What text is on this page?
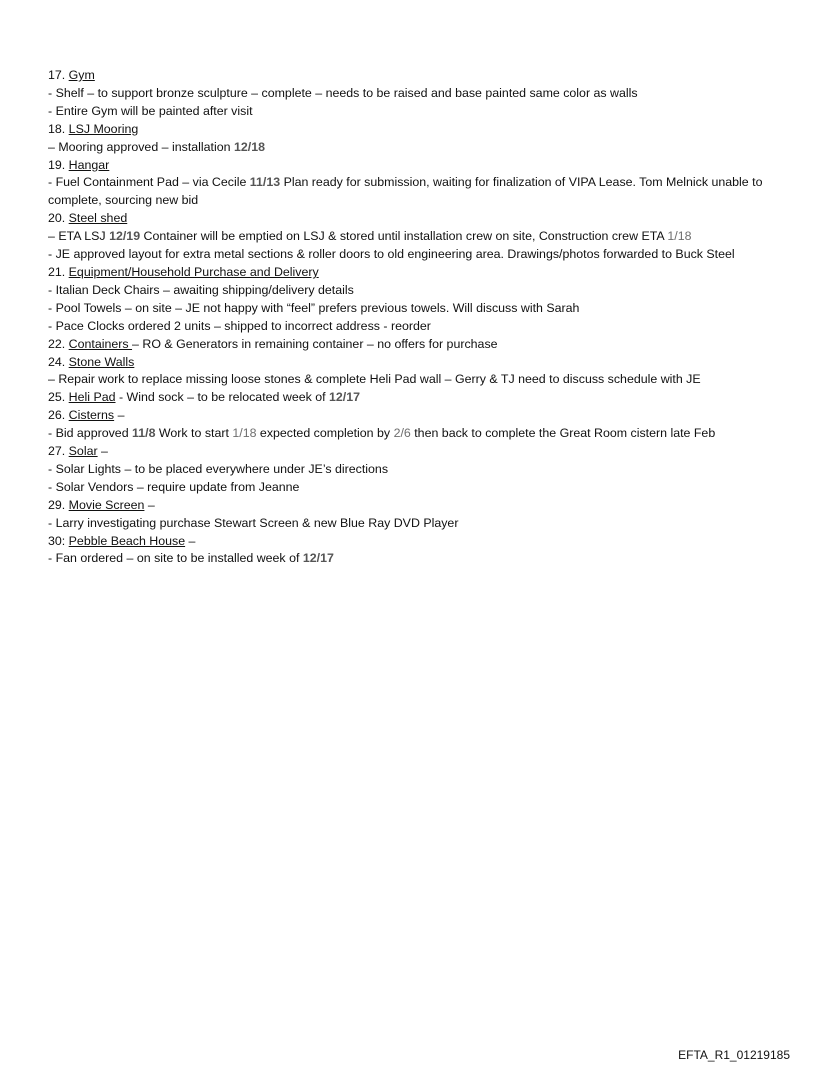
17. Gym
- Shelf – to support bronze sculpture – complete – needs to be raised and base painted same color as walls
- Entire Gym will be painted after visit
18. LSJ Mooring
– Mooring approved – installation 12/18
19. Hangar
- Fuel Containment Pad – via Cecile 11/13 Plan ready for submission, waiting for finalization of VIPA Lease. Tom Melnick unable to complete, sourcing new bid
20. Steel shed
– ETA LSJ 12/19 Container will be emptied on LSJ & stored until installation crew on site, Construction crew ETA 1/18
- JE approved layout for extra metal sections & roller doors to old engineering area. Drawings/photos forwarded to Buck Steel
21. Equipment/Household Purchase and Delivery
- Italian Deck Chairs – awaiting shipping/delivery details
- Pool Towels – on site – JE not happy with “feel” prefers previous towels. Will discuss with Sarah
- Pace Clocks ordered 2 units – shipped to incorrect address - reorder
22. Containers – RO & Generators in remaining container – no offers for purchase
24. Stone Walls
– Repair work to replace missing loose stones & complete Heli Pad wall – Gerry & TJ need to discuss schedule with JE
25. Heli Pad - Wind sock – to be relocated week of 12/17
26. Cisterns –
- Bid approved 11/8 Work to start 1/18 expected completion by 2/6 then back to complete the Great Room cistern late Feb
27. Solar –
- Solar Lights – to be placed everywhere under JE’s directions
- Solar Vendors – require update from Jeanne
29. Movie Screen –
- Larry investigating purchase Stewart Screen & new Blue Ray DVD Player
30: Pebble Beach House –
- Fan ordered – on site to be installed week of 12/17
EFTA_R1_01219185
